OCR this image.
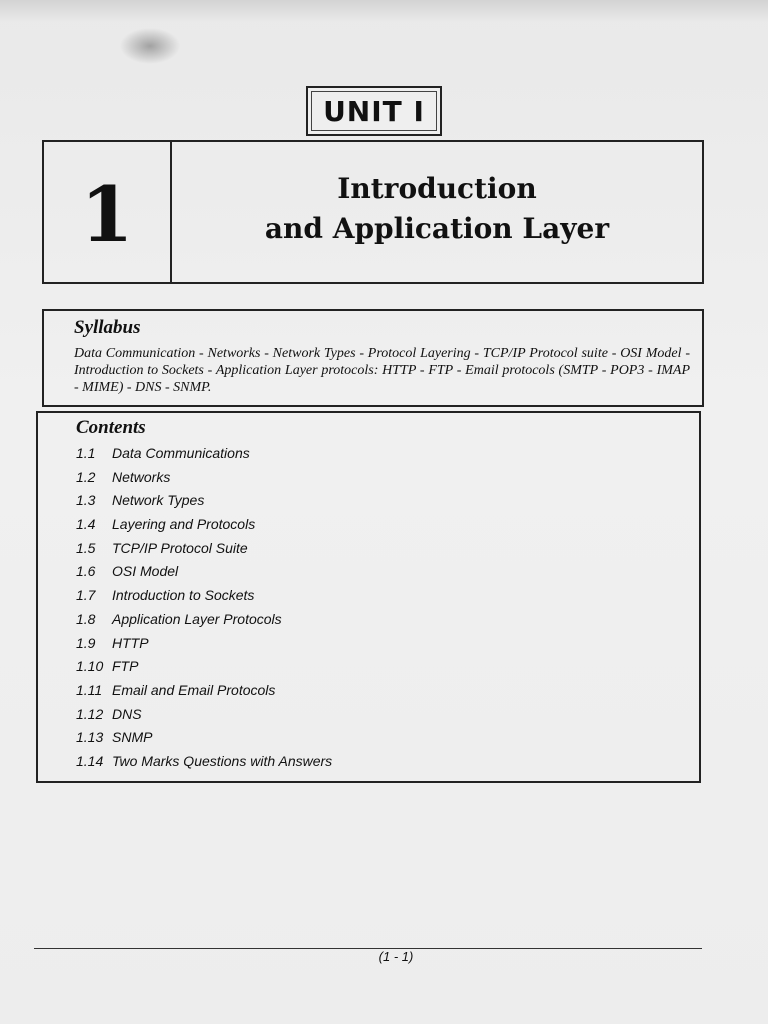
UNIT I
1	Introduction
and Application Layer
Syllabus

Data Communication - Networks - Network Types - Protocol Layering - TCP/IP Protocol suite - OSI Model - Introduction to Sockets - Application Layer protocols: HTTP - FTP - Email protocols (SMTP - POP3 - IMAP - MIME) - DNS - SNMP.

Contents
1.1	Data Communications
1.2	Networks
1.3	Network Types
1.4	Layering and Protocols
1.5	TCP/IP Protocol Suite
1.6	OSI Model
1.7	Introduction to Sockets
1.8	Application Layer Protocols
1.9	HTTP
1.10 FTP
1.11 Email and Email Protocols
1.12 DNS
1.13 SNMP
1.14 Two Marks Questions with Answers
(1 - 1)
